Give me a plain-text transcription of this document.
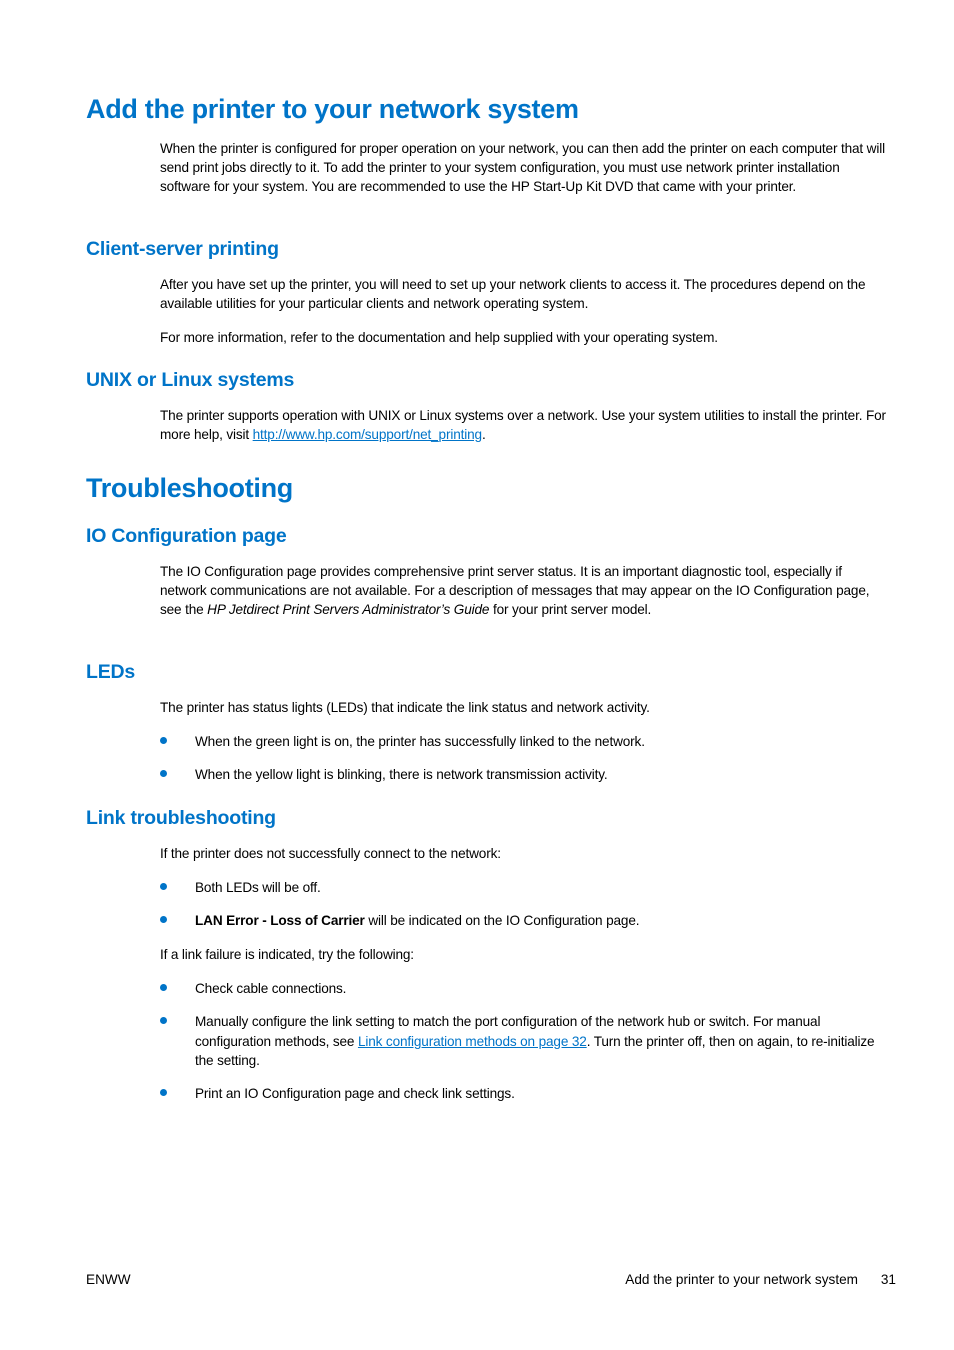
Add the printer to your network system

When the printer is configured for proper operation on your network, you can then add the printer on each computer that will send print jobs directly to it. To add the printer to your system configuration, you must use network printer installation software for your system. You are recommended to use the HP Start-Up Kit DVD that came with your printer.

Client-server printing

After you have set up the printer, you will need to set up your network clients to access it. The procedures depend on the available utilities for your particular clients and network operating system.

For more information, refer to the documentation and help supplied with your operating system.

UNIX or Linux systems

The printer supports operation with UNIX or Linux systems over a network. Use your system utilities to install the printer. For more help, visit http://www.hp.com/support/net_printing.

Troubleshooting
IO Configuration page

The IO Configuration page provides comprehensive print server status. It is an important diagnostic tool, especially if network communications are not available. For a description of messages that may appear on the IO Configuration page, see the HP Jetdirect Print Servers Administrator’s Guide for your print server model.

LEDs

The printer has status lights (LEDs) that indicate the link status and network activity.

When the green light is on, the printer has successfully linked to the network.
When the yellow light is blinking, there is network transmission activity.
Link troubleshooting

If the printer does not successfully connect to the network:

Both LEDs will be off.
LAN Error - Loss of Carrier will be indicated on the IO Configuration page.

If a link failure is indicated, try the following:

Check cable connections.
Manually configure the link setting to match the port configuration of the network hub or switch. For manual configuration methods, see Link configuration methods on page 32. Turn the printer off, then on again, to re-initialize the setting.
Print an IO Configuration page and check link settings.
ENWW	Add the printer to your network system 31
